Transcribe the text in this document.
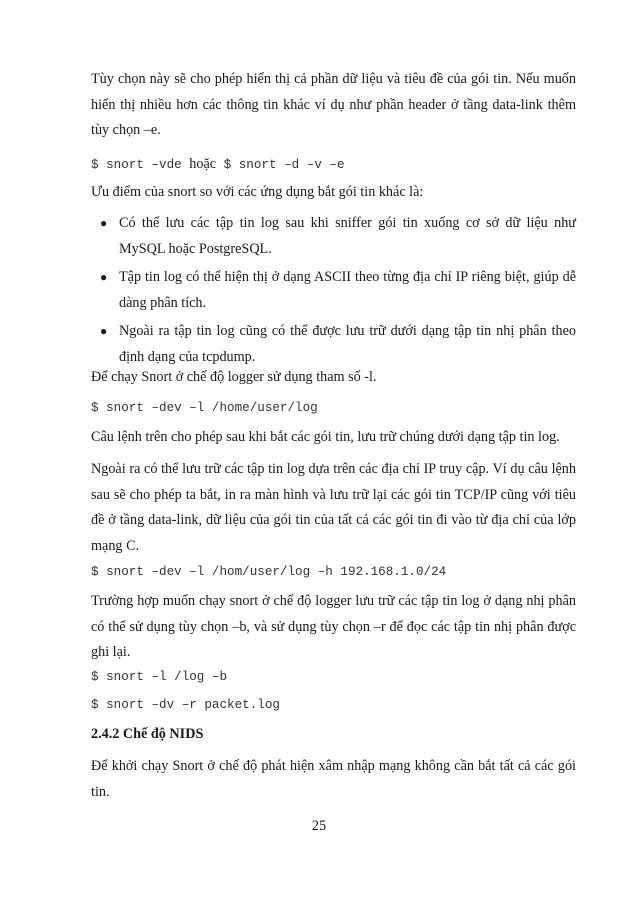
Tùy chọn này sẽ cho phép hiển thị cả phần dữ liệu và tiêu đề của gói tin. Nếu muốn hiển thị nhiều hơn các thông tin khác ví dụ như phần header ở tầng data-link thêm tùy chọn –e.

$ snort –vde hoặc $ snort –d –v –e

Ưu điểm của snort so với các ứng dụng bắt gói tin khác là:

● Có thể lưu các tập tin log sau khi sniffer gói tin xuống cơ sở dữ liệu như MySQL hoặc PostgreSQL.
● Tập tin log có thể hiện thị ở dạng ASCII theo từng địa chỉ IP riêng biệt, giúp dễ dàng phân tích.
● Ngoài ra tập tin log cũng có thể được lưu trữ dưới dạng tập tin nhị phân theo định dạng của tcpdump.

Để chạy Snort ở chế độ logger sử dụng tham số -l.

$ snort –dev –l /home/user/log

Câu lệnh trên cho phép sau khi bắt các gói tin, lưu trữ chúng dưới dạng tập tin log.

Ngoài ra có thể lưu trữ các tập tin log dựa trên các địa chỉ IP truy cập. Ví dụ câu lệnh sau sẽ cho phép ta bắt, in ra màn hình và lưu trữ lại các gói tin TCP/IP cũng với tiêu đề ở tầng data-link, dữ liệu của gói tin của tất cả các gói tin đi vào từ địa chỉ của lớp mạng C.

$ snort –dev –l /hom/user/log –h 192.168.1.0/24

Trường hợp muốn chạy snort ở chế độ logger lưu trữ các tập tin log ở dạng nhị phân có thể sử dụng tùy chọn –b, và sử dụng tùy chọn –r để đọc các tập tin nhị phân được ghi lại.

$ snort –l /log –b
$ snort –dv –r packet.log
2.4.2 Chế độ NIDS

Để khởi chạy Snort ở chế độ phát hiện xâm nhập mạng không cần bắt tất cả các gói tin.

25
